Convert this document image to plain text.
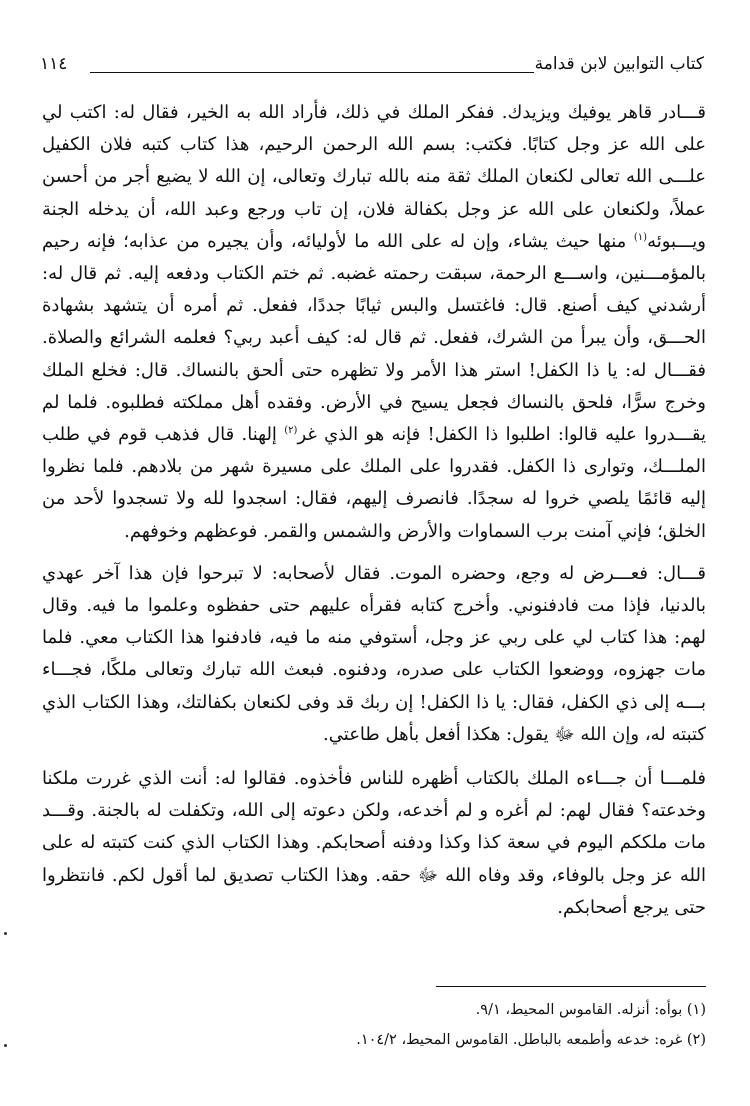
كتاب التوابين لابن قدامة
١١٤

قـــادر قاهر يوفيك ويزيدك. ففكر الملك في ذلك، فأراد الله به الخير، فقال له: اكتب لي على الله عز وجل كتابًا. فكتب: بسم الله الرحمن الرحيم، هذا كتاب كتبه فلان الكفيل علـــى الله تعالى لكنعان الملك ثقة منه بالله تبارك وتعالى، إن الله لا يضيع أجر من أحسن عملاً، ولكنعان على الله عز وجل بكفالة فلان، إن تاب ورجع وعبد الله، أن يدخله الجنة ويـــبوئه$^{(١)}$ منها حيث يشاء، وإن له على الله ما لأوليائه، وأن يجيره من عذابه؛ فإنه رحيم بالمؤمـــنين، واســـع الرحمة، سبقت رحمته غضبه. ثم ختم الكتاب ودفعه إليه. ثم قال له: أرشدني كيف أصنع. قال: فاغتسل والبس ثيابًا جددًا، ففعل. ثم أمره أن يتشهد بشهادة الحـــق، وأن يبرأ من الشرك، ففعل. ثم قال له: كيف أعبد ربي؟ فعلمه الشرائع والصلاة. فقـــال له: يا ذا الكفل! استر هذا الأمر ولا تظهره حتى ألحق بالنساك. قال: فخلع الملك وخرج سرًّا، فلحق بالنساك فجعل يسيح في الأرض. وفقده أهل مملكته فطلبوه. فلما لم يقـــدروا عليه قالوا: اطلبوا ذا الكفل! فإنه هو الذي غر$^{(٢)}$ إلهنا. قال فذهب قوم في طلب الملـــك، وتوارى ذا الكفل. فقدروا على الملك على مسيرة شهر من بلادهم. فلما نظروا إليه قائمًا يلصي خروا له سجدًا. فانصرف إليهم، فقال: اسجدوا لله ولا تسجدوا لأحد من الخلق؛ فإني آمنت برب السماوات والأرض والشمس والقمر. فوعظهم وخوفهم.

قـــال: فعـــرض له وجع، وحضره الموت. فقال لأصحابه: لا تبرحوا فإن هذا آخر عهدي بالدنيا، فإذا مت فادفنوني. وأخرج كتابه فقرأه عليهم حتى حفظوه وعلموا ما فيه. وقال لهم: هذا كتاب لي على ربي عز وجل، أستوفي منه ما فيه، فادفنوا هذا الكتاب معي. فلما مات جهزوه، ووضعوا الكتاب على صدره، ودفنوه. فبعث الله تبارك وتعالى ملكًا، فجـــاء بـــه إلى ذي الكفل، فقال: يا ذا الكفل! إن ربك قد وفى لكنعان بكفالتك، وهذا الكتاب الذي كتبته له، وإن الله ﷻ يقول: هكذا أفعل بأهل طاعتي.

فلمـــا أن جـــاءه الملك بالكتاب أظهره للناس فأخذوه. فقالوا له: أنت الذي غررت ملكنا وخدعته؟ فقال لهم: لم أغره و لم أخدعه، ولكن دعوته إلى الله، وتكفلت له بالجنة. وقـــد مات ملككم اليوم في سعة كذا وكذا ودفنه أصحابكم. وهذا الكتاب الذي كنت كتبته له على الله عز وجل بالوفاء، وقد وفاه الله ﷻ حقه. وهذا الكتاب تصديق لما أقول لكم. فانتظروا حتى يرجع أصحابكم.

(١) بوأه: أنزله. القاموس المحيط، ٩/١.

(٢) غره: خدعه وأطمعه بالباطل. القاموس المحيط، ١٠٤/٢.
